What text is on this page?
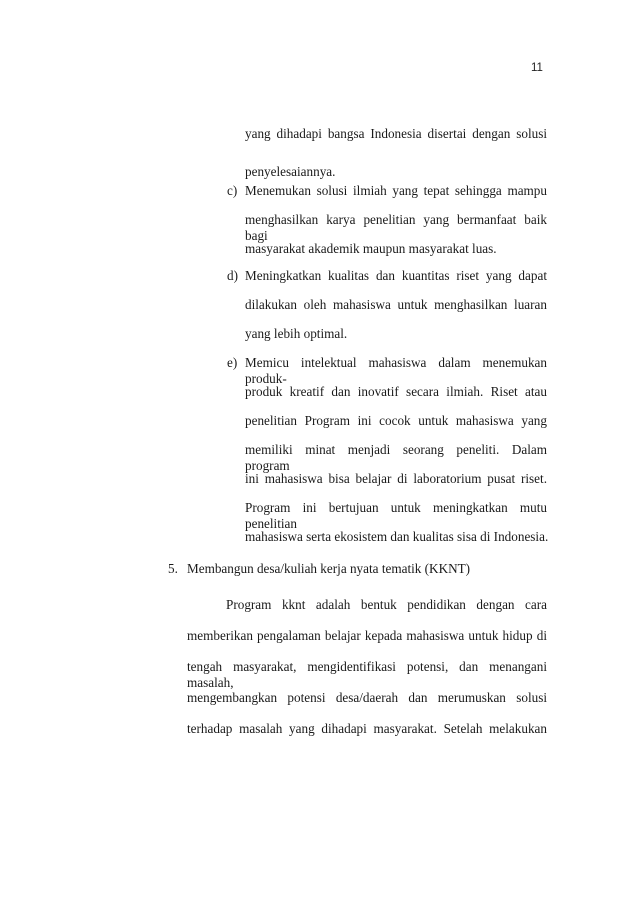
11
yang dihadapi bangsa Indonesia disertai dengan solusi
penyelesaiannya.
c) Menemukan solusi ilmiah yang tepat sehingga mampu
menghasilkan karya penelitian yang bermanfaat baik bagi
masyarakat akademik maupun masyarakat luas.
d) Meningkatkan kualitas dan kuantitas riset yang dapat
dilakukan oleh mahasiswa untuk menghasilkan luaran
yang lebih optimal.
e) Memicu intelektual mahasiswa dalam menemukan produk-
produk kreatif dan inovatif secara ilmiah. Riset atau
penelitian Program ini cocok untuk mahasiswa yang
memiliki minat menjadi seorang peneliti. Dalam program
ini mahasiswa bisa belajar di laboratorium pusat riset.
Program ini bertujuan untuk meningkatkan mutu penelitian
mahasiswa serta ekosistem dan kualitas sisa di Indonesia.
5. Membangun desa/kuliah kerja nyata tematik (KKNT)
Program kknt adalah bentuk pendidikan dengan cara
memberikan pengalaman belajar kepada mahasiswa untuk hidup di
tengah masyarakat, mengidentifikasi potensi, dan menangani masalah,
mengembangkan potensi desa/daerah dan merumuskan solusi
terhadap masalah yang dihadapi masyarakat. Setelah melakukan
